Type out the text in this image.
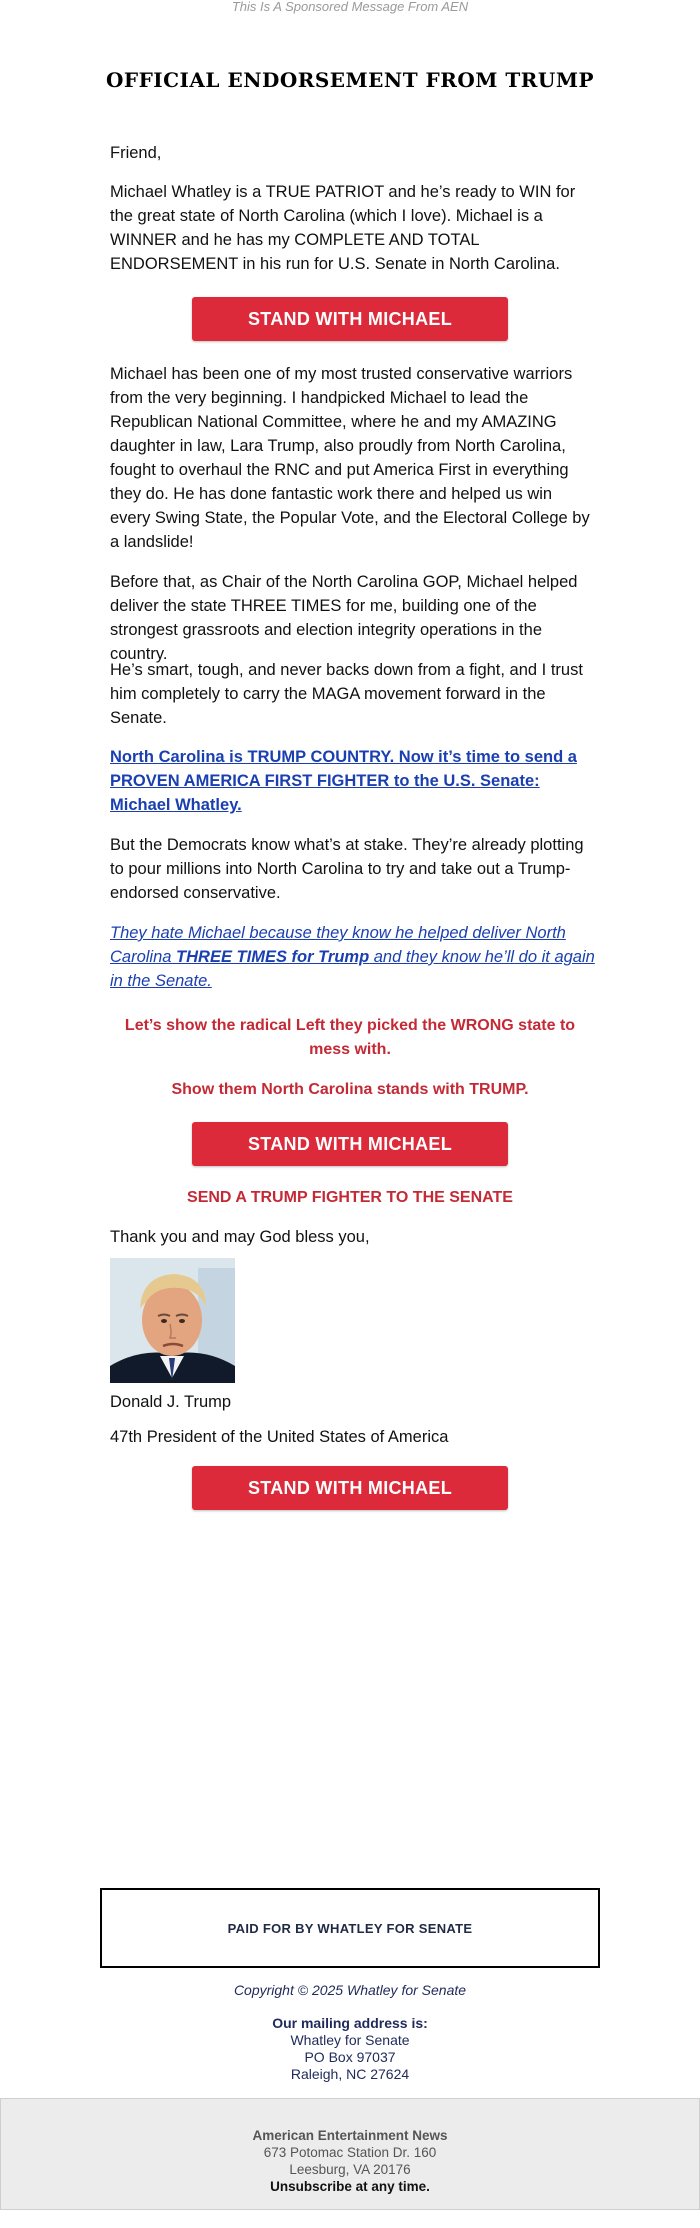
This Is A Sponsored Message From AEN
OFFICIAL ENDORSEMENT FROM TRUMP

Friend,

Michael Whatley is a TRUE PATRIOT and he’s ready to WIN for the great state of North Carolina (which I love). Michael is a WINNER and he has my COMPLETE AND TOTAL ENDORSEMENT in his run for U.S. Senate in North Carolina.

STAND WITH MICHAEL

Michael has been one of my most trusted conservative warriors from the very beginning. I handpicked Michael to lead the Republican National Committee, where he and my AMAZING daughter in law, Lara Trump, also proudly from North Carolina, fought to overhaul the RNC and put America First in everything they do. He has done fantastic work there and helped us win every Swing State, the Popular Vote, and the Electoral College by a landslide!

Before that, as Chair of the North Carolina GOP, Michael helped deliver the state THREE TIMES for me, building one of the strongest grassroots and election integrity operations in the country.

He’s smart, tough, and never backs down from a fight, and I trust him completely to carry the MAGA movement forward in the Senate.

North Carolina is TRUMP COUNTRY. Now it’s time to send a PROVEN AMERICA FIRST FIGHTER to the U.S. Senate: Michael Whatley.

But the Democrats know what’s at stake. They’re already plotting to pour millions into North Carolina to try and take out a Trump-endorsed conservative.

They hate Michael because they know he helped deliver North Carolina THREE TIMES for Trump and they know he’ll do it again in the Senate.
Let’s show the radical Left they picked the WRONG state to mess with.
Show them North Carolina stands with TRUMP.
STAND WITH MICHAEL
SEND A TRUMP FIGHTER TO THE SENATE

Thank you and may God bless you,

Donald J. Trump

47th President of the United States of America

STAND WITH MICHAEL
PAID FOR BY WHATLEY FOR SENATE
Copyright © 2025 Whatley for Senate
Our mailing address is:
Whatley for Senate
PO Box 97037
Raleigh, NC 27624
American Entertainment News
673 Potomac Station Dr. 160
Leesburg, VA 20176
Unsubscribe at any time.
